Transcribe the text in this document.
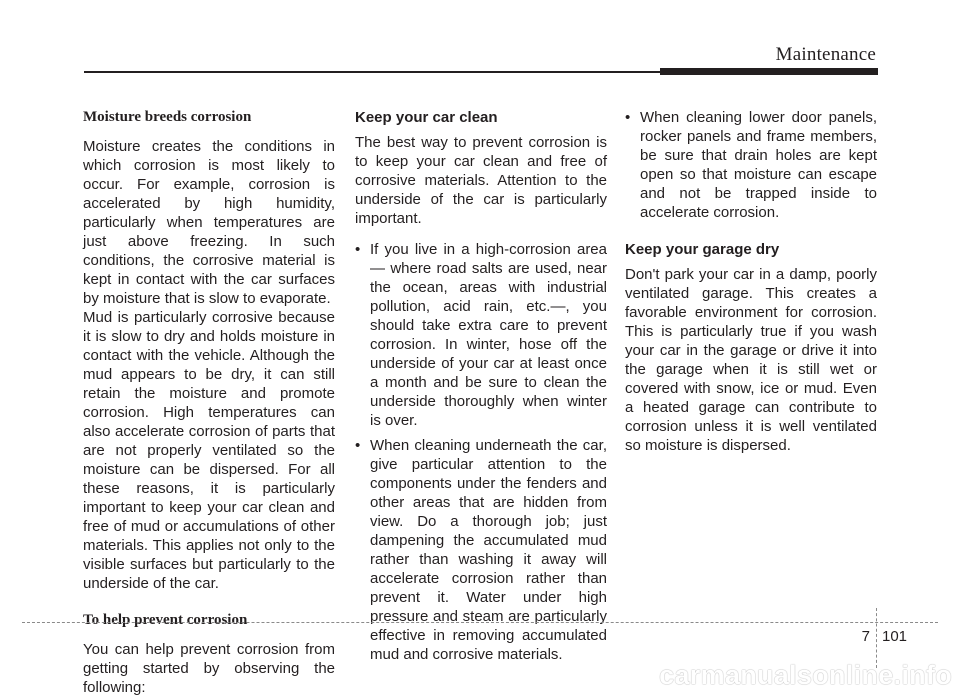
Maintenance
Moisture breeds corrosion

Moisture creates the conditions in which corrosion is most likely to occur. For example, corrosion is accelerated by high humidity, particularly when temperatures are just above freezing. In such conditions, the corrosive material is kept in contact with the car surfaces by moisture that is slow to evaporate.

Mud is particularly corrosive because it is slow to dry and holds moisture in contact with the vehicle. Although the mud appears to be dry, it can still retain the moisture and promote corrosion. High temperatures can also accelerate corrosion of parts that are not properly ventilated so the moisture can be dispersed. For all these reasons, it is particularly important to keep your car clean and free of mud or accumulations of other materials. This applies not only to the visible surfaces but particularly to the underside of the car.

To help prevent corrosion

You can help prevent corrosion from getting started by observing the following:

Keep your car clean

The best way to prevent corrosion is to keep your car clean and free of corrosive materials. Attention to the underside of the car is particularly important.

• If you live in a high-corrosion area — where road salts are used, near the ocean, areas with industrial pollution, acid rain, etc.—, you should take extra care to prevent corrosion. In winter, hose off the underside of your car at least once a month and be sure to clean the underside thoroughly when winter is over.
• When cleaning underneath the car, give particular attention to the components under the fenders and other areas that are hidden from view. Do a thorough job; just dampening the accumulated mud rather than washing it away will accelerate corrosion rather than prevent it. Water under high pressure and steam are particularly effective in removing accumulated mud and corrosive materials.
• When cleaning lower door panels, rocker panels and frame members, be sure that drain holes are kept open so that moisture can escape and not be trapped inside to accelerate corrosion.
Keep your garage dry

Don't park your car in a damp, poorly ventilated garage. This creates a favorable environment for corrosion. This is particularly true if you wash your car in the garage or drive it into the garage when it is still wet or covered with snow, ice or mud. Even a heated garage can contribute to corrosion unless it is well ventilated so moisture is dispersed.

7 101
carmanualsonline.info
